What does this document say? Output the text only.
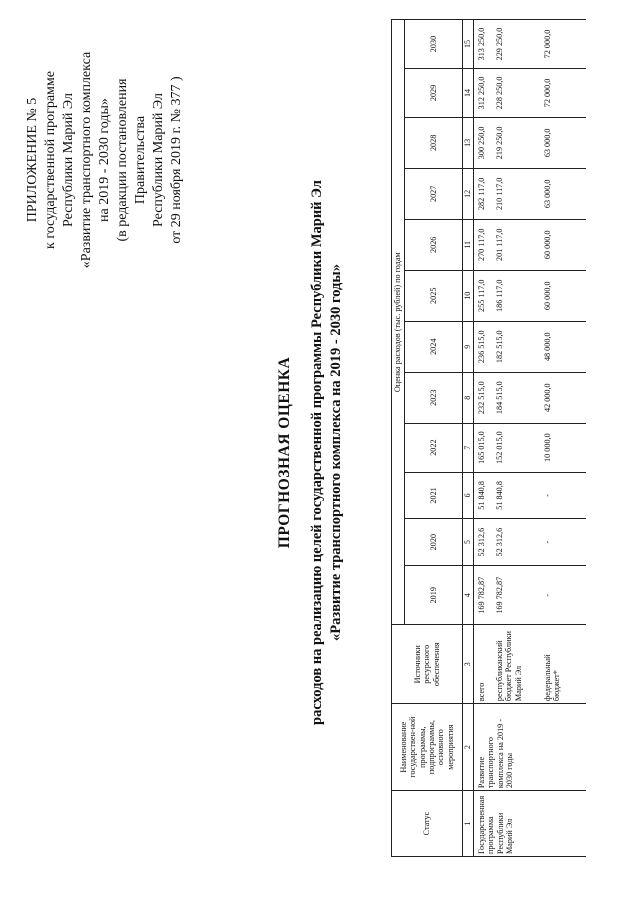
ПРИЛОЖЕНИЕ № 5 к государственной программе Республики Марий Эл «Развитие транспортного комплекса на 2019 - 2030 годы» (в редакции постановления Правительства Республики Марий Эл от 29 ноября 2019 г. № 377 )
ПРОГНОЗНАЯ ОЦЕНКА расходов на реализацию целей государственной программы Республики Марий Эл «Развитие транспортного комплекса на 2019 - 2030 годы»
Статус	Наименование государствен-ной программы, подпрограммы, основного мероприятия	Источники ресурсного обеспечения	Оценка расходов (тыс. рублей) по годам											
			2019	2020	2021	2022	2023	2024	2025	2026	2027	2028	2029	2030
1	2	3	4	5	6	7	8	9	10	11	12	13	14	15
Государственная программа Республики Марий Эл	Развитие транспортного комплекса на 2019 - 2030 годы	всего	169 782,87	52 312,6	51 840,8	165 015,0	232 515,0	236 515,0	255 117,0	270 117,0	282 117,0	300 250,0	312 250,0	313 250,0
		республиканский бюджет Республики Марий Эл	169 782,87	52 312,6	51 840,8	152 015,0	184 515,0	182 515,0	186 117,0	201 117,0	210 117,0	219 250,0	228 250,0	229 250,0
		федеральный бюджет*	-	-	-	10 000,0	42 000,0	48 000,0	60 000,0	60 000,0	63 000,0	63 000,0	72 000,0	72 000,0
